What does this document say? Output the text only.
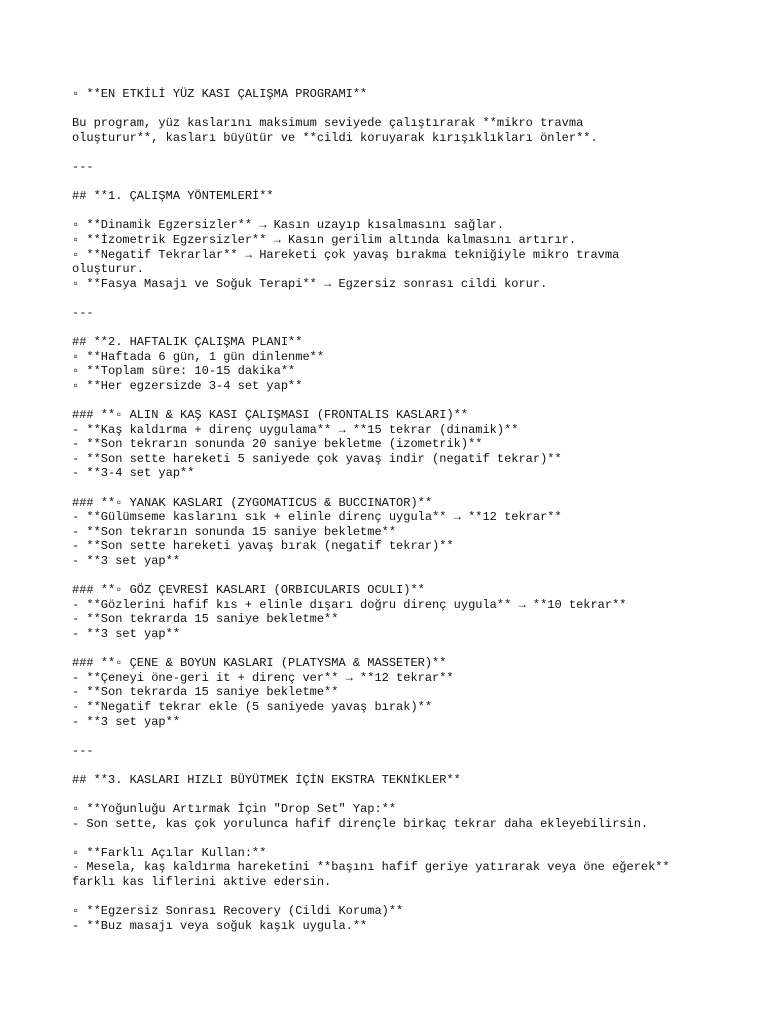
▫ **EN ETKİLİ YÜZ KASI ÇALIŞMA PROGRAMI**
Bu program, yüz kaslarını maksimum seviyede çalıştırarak **mikro travma
oluşturur**, kasları büyütür ve **cildi koruyarak kırışıklıkları önler**.
---
## **1. ÇALIŞMA YÖNTEMLERİ**
▫ **Dinamik Egzersizler** → Kasın uzayıp kısalmasını sağlar.
▫ **İzometrik Egzersizler** → Kasın gerilim altında kalmasını artırır.
▫ **Negatif Tekrarlar** → Hareketi çok yavaş bırakma tekniğiyle mikro travma
oluşturur.
▫ **Fasya Masajı ve Soğuk Terapi** → Egzersiz sonrası cildi korur.
---
## **2. HAFTALIK ÇALIŞMA PLANI**
▫ **Haftada 6 gün, 1 gün dinlenme**
▫ **Toplam süre: 10-15 dakika**
▫ **Her egzersizde 3-4 set yap**
### **▫ ALIN & KAŞ KASI ÇALIŞMASI (FRONTALIS KASLARI)**
- **Kaş kaldırma + direnç uygulama** → **15 tekrar (dinamik)**
- **Son tekrarın sonunda 20 saniye bekletme (izometrik)**
- **Son sette hareketi 5 saniyede çok yavaş indir (negatif tekrar)**
- **3-4 set yap**
### **▫ YANAK KASLARI (ZYGOMATICUS & BUCCINATOR)**
- **Gülümseme kaslarını sık + elinle direnç uygula** → **12 tekrar**
- **Son tekrarın sonunda 15 saniye bekletme**
- **Son sette hareketi yavaş bırak (negatif tekrar)**
- **3 set yap**
### **▫ GÖZ ÇEVRESİ KASLARI (ORBICULARIS OCULI)**
- **Gözlerini hafif kıs + elinle dışarı doğru direnç uygula** → **10 tekrar**
- **Son tekrarda 15 saniye bekletme**
- **3 set yap**
### **▫ ÇENE & BOYUN KASLARI (PLATYSMA & MASSETER)**
- **Çeneyi öne-geri it + direnç ver** → **12 tekrar**
- **Son tekrarda 15 saniye bekletme**
- **Negatif tekrar ekle (5 saniyede yavaş bırak)**
- **3 set yap**
---
## **3. KASLARI HIZLI BÜYÜTMEK İÇİN EKSTRA TEKNİKLER**
▫ **Yoğunluğu Artırmak İçin "Drop Set" Yap:**
- Son sette, kas çok yorulunca hafif dirençle birkaç tekrar daha ekleyebilirsin.
▫ **Farklı Açılar Kullan:**
- Mesela, kaş kaldırma hareketini **başını hafif geriye yatırarak veya öne eğerek**
farklı kas liflerini aktive edersin.
▫ **Egzersiz Sonrası Recovery (Cildi Koruma)**
- **Buz masajı veya soğuk kaşık uygula.**
